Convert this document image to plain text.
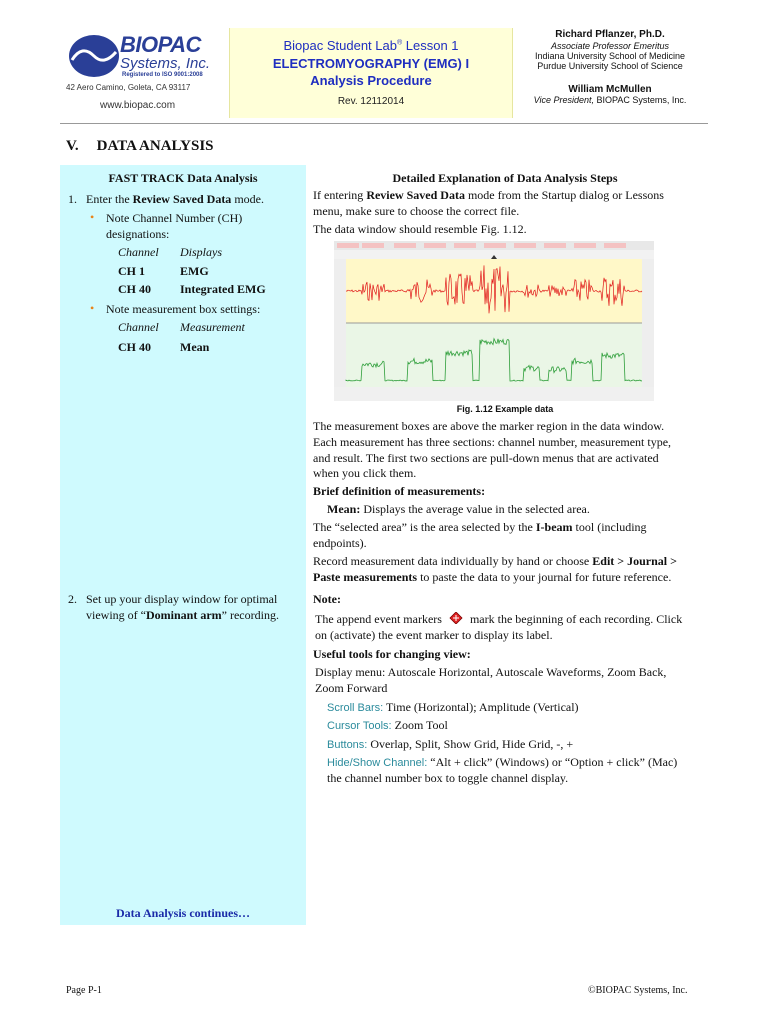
BIOPAC
Systems, Inc.
Registered to ISO 9001:2008
42 Aero Camino, Goleta, CA 93117
www.biopac.com
Biopac Student Lab® Lesson 1
ELECTROMYOGRAPHY (EMG) I
Analysis Procedure
Rev. 12112014
Richard Pflanzer, Ph.D.
Associate Professor Emeritus
Indiana University School of Medicine
Purdue University School of Science
William McMullen
Vice President, BIOPAC Systems, Inc.
V. DATA ANALYSIS
FAST TRACK Data Analysis
1. Enter the Review Saved Data mode.
• Note Channel Number (CH)
designations:
Channel Displays
CH 1	EMG
CH 40 Integrated EMG
• Note measurement box settings:
Channel Measurement
CH 40 Mean
2. Set up your display window for optimal
viewing of “Dominant arm” recording.
Data Analysis continues…
Detailed Explanation of Data Analysis Steps
If entering Review Saved Data mode from the Startup dialog or Lessons
menu, make sure to choose the correct file.
The data window should resemble Fig. 1.12.
Fig. 1.12 Example data
The measurement boxes are above the marker region in the data window.
Each measurement has three sections: channel number, measurement type,
and result. The first two sections are pull-down menus that are activated
when you click them.
Brief definition of measurements:
Mean: Displays the average value in the selected area.
The “selected area” is the area selected by the I-beam tool (including
endpoints).
Record measurement data individually by hand or choose Edit > Journal >
Paste measurements to paste the data to your journal for future reference.
Note:
The append event markers mark the beginning of each recording. Click
on (activate) the event marker to display its label.
Useful tools for changing view:
Display menu: Autoscale Horizontal, Autoscale Waveforms, Zoom Back,
Zoom Forward
Scroll Bars: Time (Horizontal); Amplitude (Vertical)
Cursor Tools: Zoom Tool
Buttons: Overlap, Split, Show Grid, Hide Grid, -, +
Hide/Show Channel: “Alt + click” (Windows) or “Option + click” (Mac)
the channel number box to toggle channel display.
Page P-1	©BIOPAC Systems, Inc.
